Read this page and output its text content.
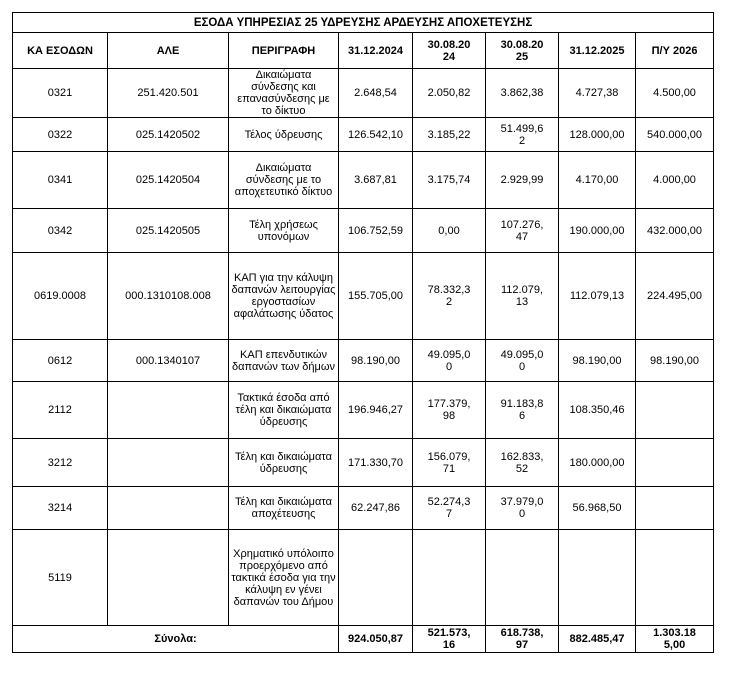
ΕΣΟΔΑ ΥΠΗΡΕΣΙΑΣ 25 ΥΔΡΕΥΣΗΣ ΑΡΔΕΥΣΗΣ ΑΠΟΧΕΤΕΥΣΗΣ							
ΚΑ ΕΣΟΔΩΝ	ΑΛΕ	ΠΕΡΙΓΡΑΦΗ	31.12.2024	30.08.2024	30.08.2025	31.12.2025	Π/Υ 2026
0321	251.420.501	Δικαιώματα σύνδεσης και επανασύνδεσης με το δίκτυο	2.648,54	2.050,82	3.862,38	4.727,38	4.500,00
0322	025.1420502	Τέλος ύδρευσης	126.542,10	3.185,22	51.499,62	128.000,00	540.000,00
0341	025.1420504	Δικαιώματα σύνδεσης με το αποχετευτικό δίκτυο	3.687,81	3.175,74	2.929,99	4.170,00	4.000,00
0342	025.1420505	Τέλη χρήσεως υπονόμων	106.752,59	0,00	107.276,47	190.000,00	432.000,00
0619.0008	000.1310108.008	ΚΑΠ για την κάλυψη δαπανών λειτουργίας εργοστασίων αφαλάτωσης ύδατος	155.705,00	78.332,32	112.079,13	112.079,13	224.495,00
0612	000.1340107	ΚΑΠ επενδυτικών δαπανών των δήμων	98.190,00	49.095,00	49.095,00	98.190,00	98.190,00
2112		Τακτικά έσοδα από τέλη και δικαιώματα ύδρευσης	196.946,27	177.379,98	91.183,86	108.350,46	
3212		Τέλη και δικαιώματα ύδρευσης	171.330,70	156.079,71	162.833,52	180.000,00	
3214		Τέλη και δικαιώματα αποχέτευσης	62.247,86	52.274,37	37.979,00	56.968,50	
5119		Χρηματικό υπόλοιπο προερχόμενο από τακτικά έσοδα για την κάλυψη εν γένει δαπανών του Δήμου					
Σύνολα:			924.050,87	521.573,16	618.738,97	882.485,47	1.303.185,00
